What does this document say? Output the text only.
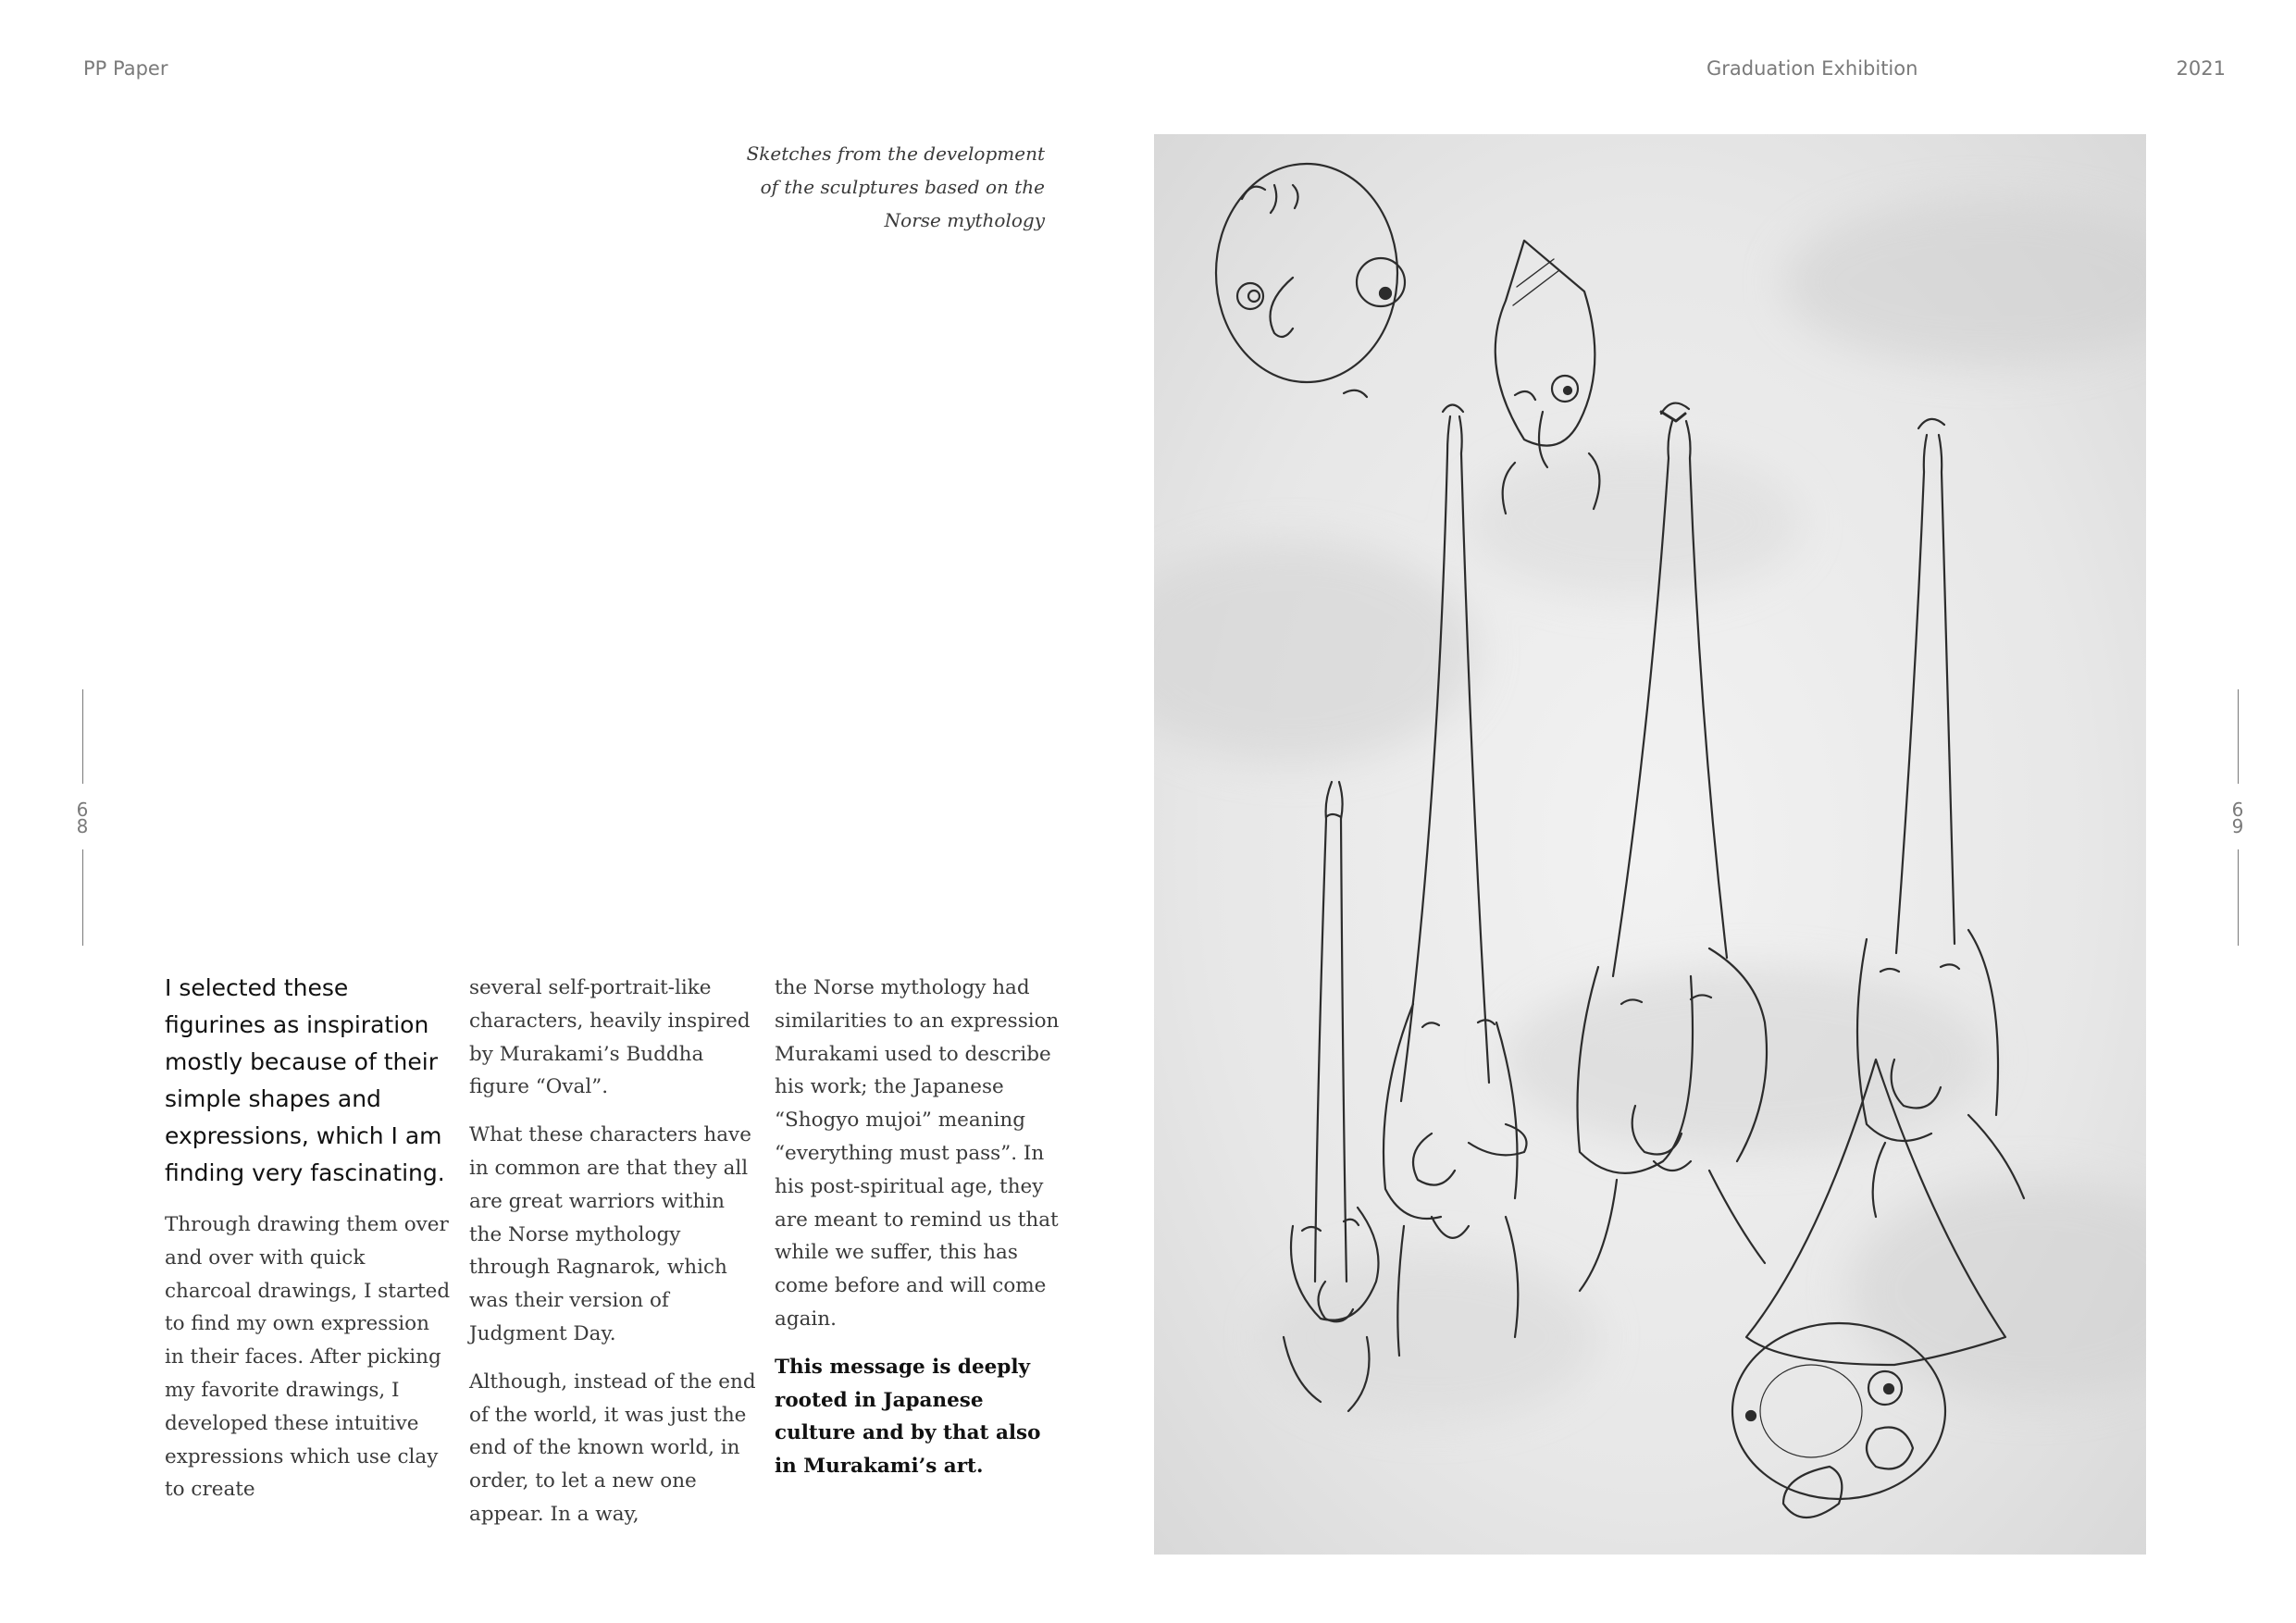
PP Paper	Graduation Exhibition	2021
6
8
6
9
Sketches from the development
of the sculptures based on the
Norse mythology

I selected these figurines as inspiration mostly because of their simple shapes and expressions, which I am finding very fascinating.

Through drawing them over and over with quick charcoal drawings, I started to find my own expression in their faces. After picking my favorite drawings, I developed these intuitive expressions which use clay to create

several self-portrait-like characters, heavily inspired by Murakami’s Buddha figure “Oval”.

What these characters have in common are that they all are great warriors within the Norse mythology through Ragnarok, which was their version of Judgment Day.

Although, instead of the end of the world, it was just the end of the known world, in order, to let a new one appear. In a way,

the Norse mythology had similarities to an expression Murakami used to describe his work; the Japanese “Shogyo mujoi” meaning “everything must pass”. In his post-spiritual age, they are meant to remind us that while we suffer, this has come before and will come again.

This message is deeply rooted in Japanese culture and by that also in Murakami’s art.
